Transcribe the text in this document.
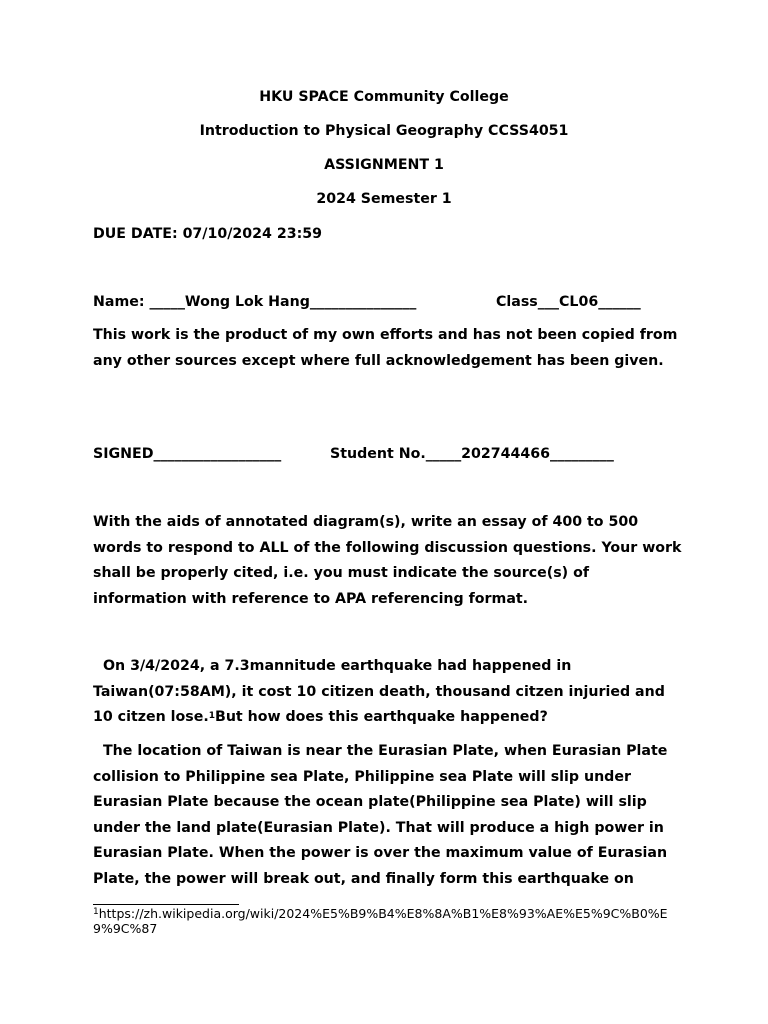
HKU SPACE Community College
Introduction to Physical Geography CCSS4051
ASSIGNMENT 1
2024 Semester 1
DUE DATE: 07/10/2024 23:59
Name: _____Wong Lok Hang_______________	Class___CL06______
This work is the product of my own efforts and has not been copied from any other sources except where full acknowledgement has been given.
SIGNED__________________	Student No._____202744466_________
With the aids of annotated diagram(s), write an essay of 400 to 500 words to respond to ALL of the following discussion questions. Your work shall be properly cited, i.e. you must indicate the source(s) of information with reference to APA referencing format.
On 3/4/2024, a 7.3mannitude earthquake had happened in Taiwan(07:58AM), it cost 10 citizen death, thousand citzen injuried and 10 citzen lose.$^1$But how does this earthquake happened?
The location of Taiwan is near the Eurasian Plate, when Eurasian Plate collision to Philippine sea Plate, Philippine sea Plate will slip under Eurasian Plate because the ocean plate(Philippine sea Plate) will slip under the land plate(Eurasian Plate). That will produce a high power in Eurasian Plate. When the power is over the maximum value of Eurasian Plate, the power will break out, and finally form this earthquake on
$^1$https://zh.wikipedia.org/wiki/2024%E5%B9%B4%E8%8A%B1%E8%93%AE%E5%9C%B0%E9%9C%87
